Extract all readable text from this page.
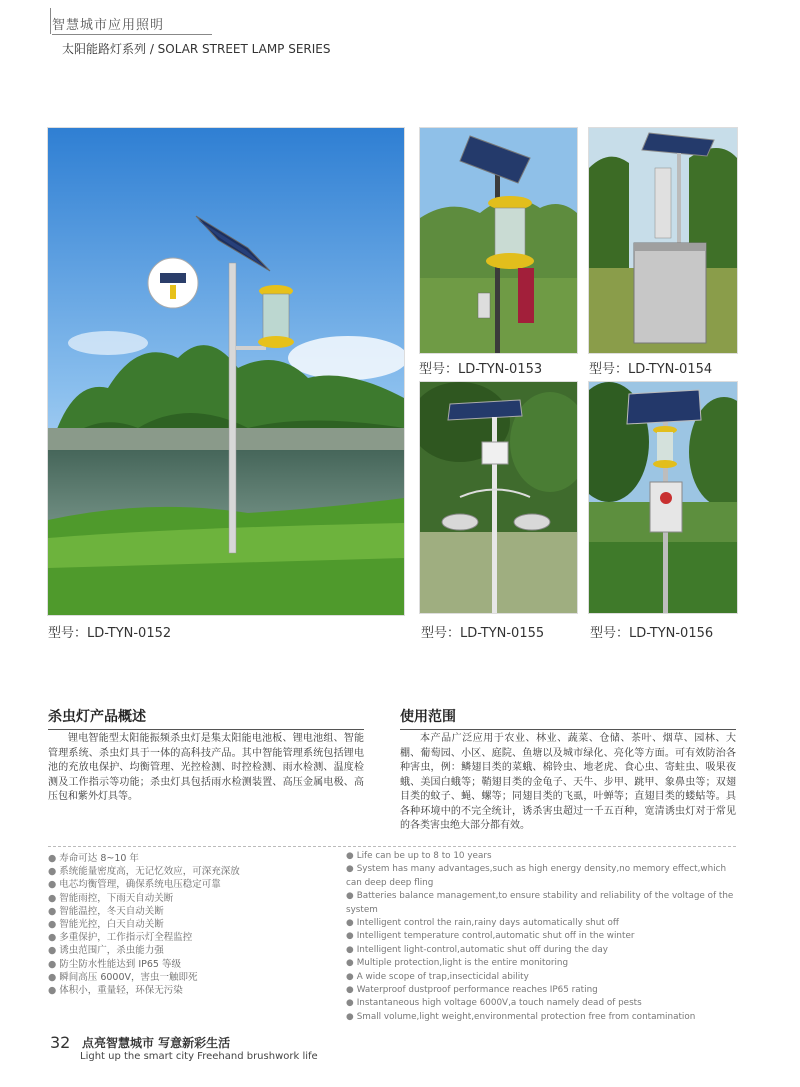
智慧城市应用照明
太阳能路灯系列 / SOLAR STREET LAMP SERIES
型号：LD-TYN-0152
型号：LD-TYN-0153	型号：LD-TYN-0154
型号：LD-TYN-0155	型号：LD-TYN-0156
杀虫灯产品概述
锂电智能型太阳能振频杀虫灯是集太阳能电池板、锂电池组、智能管理系统、杀虫灯具于一体的高科技产品。其中智能管理系统包括锂电池的充放电保护、均衡管理、光控检测、时控检测、雨水检测、温度检测及工作指示等功能；杀虫灯具包括雨水检测装置、高压金属电极、高压包和紫外灯具等。
使用范围
本产品广泛应用于农业、林业、蔬菜、仓储、茶叶、烟草、园林、大棚、葡萄园、小区、庭院、鱼塘以及城市绿化、亮化等方面。可有效防治各种害虫，例：鳞翅目类的菜蛾、棉铃虫、地老虎、食心虫、寄蛀虫、吸果夜蛾、美国白蛾等；鞘翅目类的金龟子、天牛、步甲、跳甲、象鼻虫等；双翅目类的蚊子、蝇、螺等；同翅目类的飞虱，叶蝉等；直翅目类的蝼蛄等。具各种环境中的不完全统计，诱杀害虫超过一千五百种，宽清诱虫灯对于常见的各类害虫绝大部分都有效。
● 寿命可达 8~10 年
● 系统能量密度高，无记忆效应，可深充深放
● 电芯均衡管理，确保系统电压稳定可靠
● 智能雨控，下雨天自动关断
● 智能温控，冬天自动关断
● 智能光控，白天自动关断
● 多重保护，工作指示灯全程监控
● 诱虫范围广，杀虫能力强
● 防尘防水性能达到 IP65 等级
● 瞬间高压 6000V，害虫一触即死
● 体积小，重量轻，环保无污染
● Life can be up to 8 to 10 years
● System has many advantages,such as high energy density,no memory effect,which can deep deep fling
● Batteries balance management,to ensure stability and reliability of the voltage of the system
● Intelligent control the rain,rainy days automatically shut off
● Intelligent temperature control,automatic shut off in the winter
● Intelligent light-control,automatic shut off during the day
● Multiple protection,light is the entire monitoring
● A wide scope of trap,insecticidal ability
● Waterproof dustproof performance reaches IP65 rating
● Instantaneous high voltage 6000V,a touch namely dead of pests
● Small volume,light weight,environmental protection free from contamination
32 点亮智慧城市 写意新彩生活
Light up the smart city Freehand brushwork life
